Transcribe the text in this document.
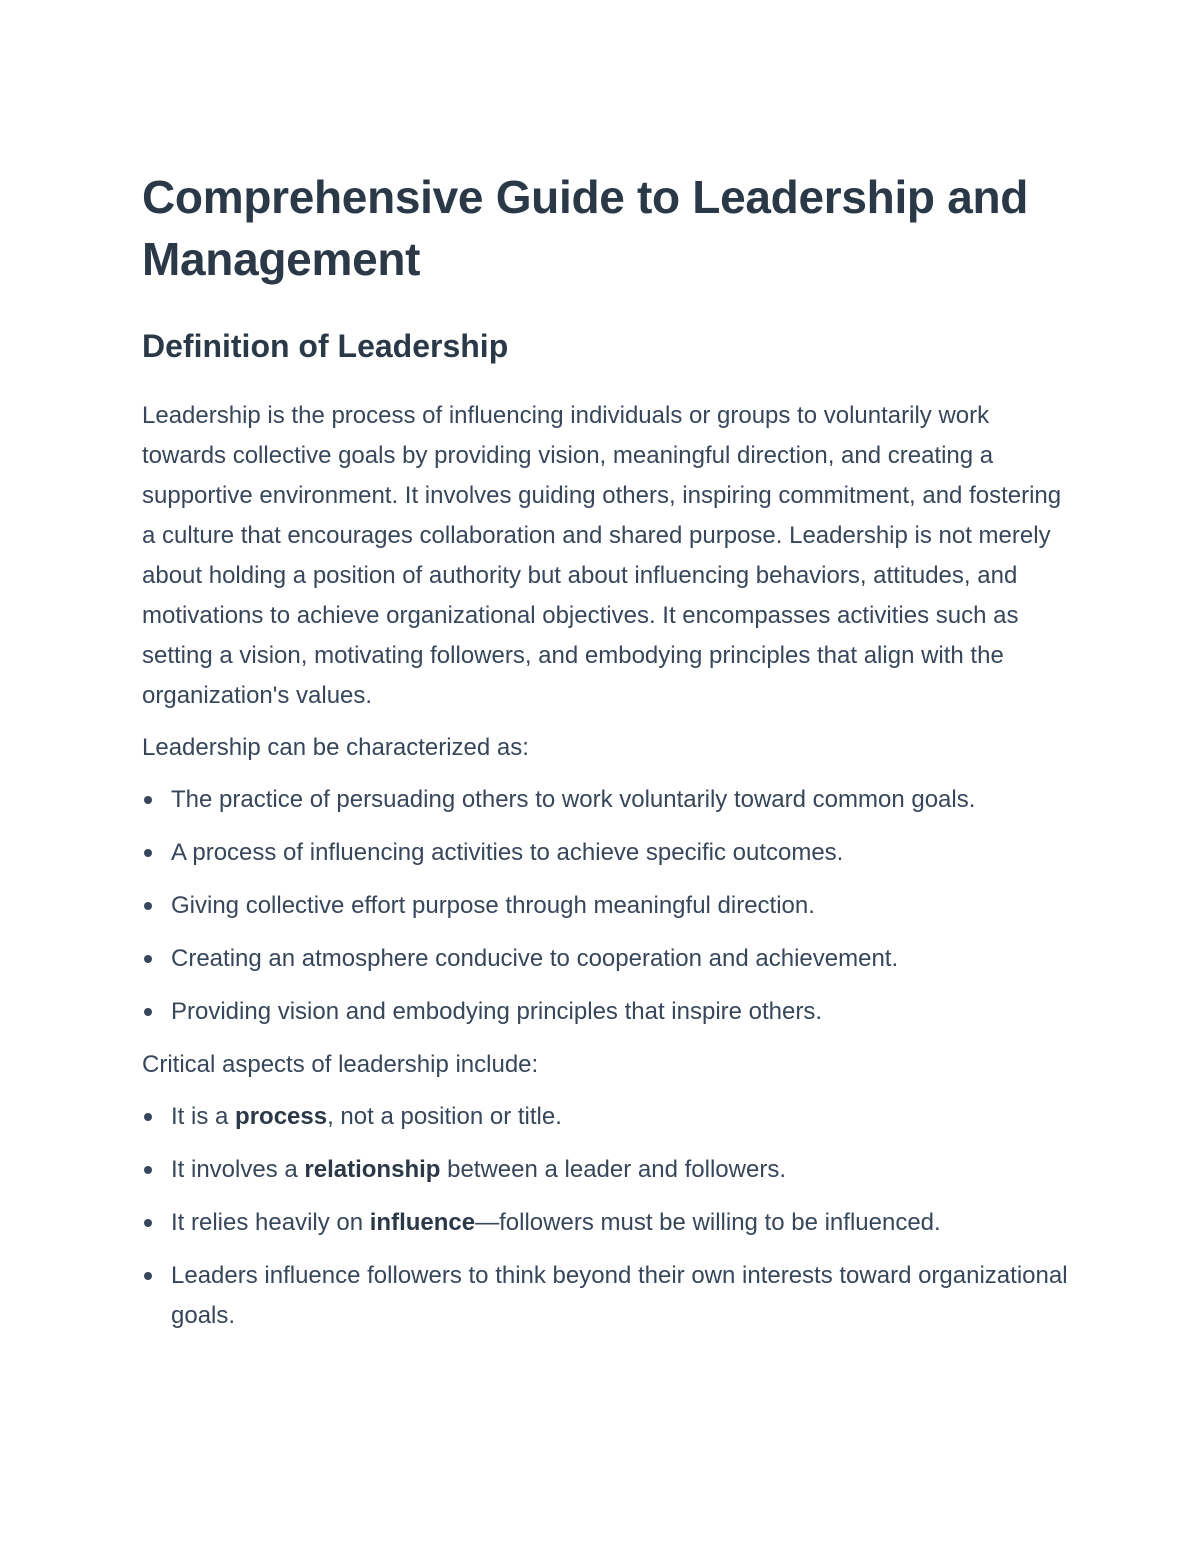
Comprehensive Guide to Leadership and Management
Definition of Leadership

Leadership is the process of influencing individuals or groups to voluntarily work towards collective goals by providing vision, meaningful direction, and creating a supportive environment. It involves guiding others, inspiring commitment, and fostering a culture that encourages collaboration and shared purpose. Leadership is not merely about holding a position of authority but about influencing behaviors, attitudes, and motivations to achieve organizational objectives. It encompasses activities such as setting a vision, motivating followers, and embodying principles that align with the organization's values.

Leadership can be characterized as:

The practice of persuading others to work voluntarily toward common goals.
A process of influencing activities to achieve specific outcomes.
Giving collective effort purpose through meaningful direction.
Creating an atmosphere conducive to cooperation and achievement.
Providing vision and embodying principles that inspire others.

Critical aspects of leadership include:

It is a process, not a position or title.
It involves a relationship between a leader and followers.
It relies heavily on influence—followers must be willing to be influenced.
Leaders influence followers to think beyond their own interests toward organizational goals.
